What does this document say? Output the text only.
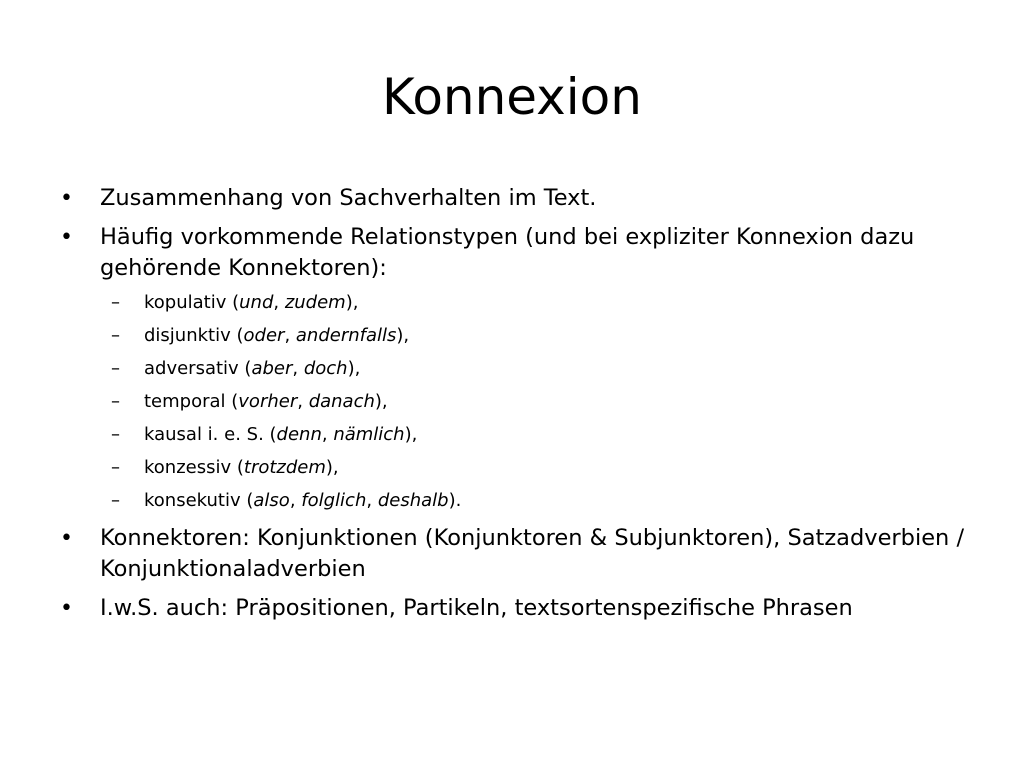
Konnexion
• Zusammenhang von Sachverhalten im Text.
• Häufig vorkommende Relationstypen (und bei expliziter Konnexion dazu gehörende Konnektoren):
– kopulativ (und, zudem),
– disjunktiv (oder, andernfalls),
– adversativ (aber, doch),
– temporal (vorher, danach),
– kausal i. e. S. (denn, nämlich),
– konzessiv (trotzdem),
– konsekutiv (also, folglich, deshalb).
• Konnektoren: Konjunktionen (Konjunktoren & Subjunktoren), Satzadverbien / Konjunktionaladverbien
• I.w.S. auch: Präpositionen, Partikeln, textsortenspezifische Phrasen
